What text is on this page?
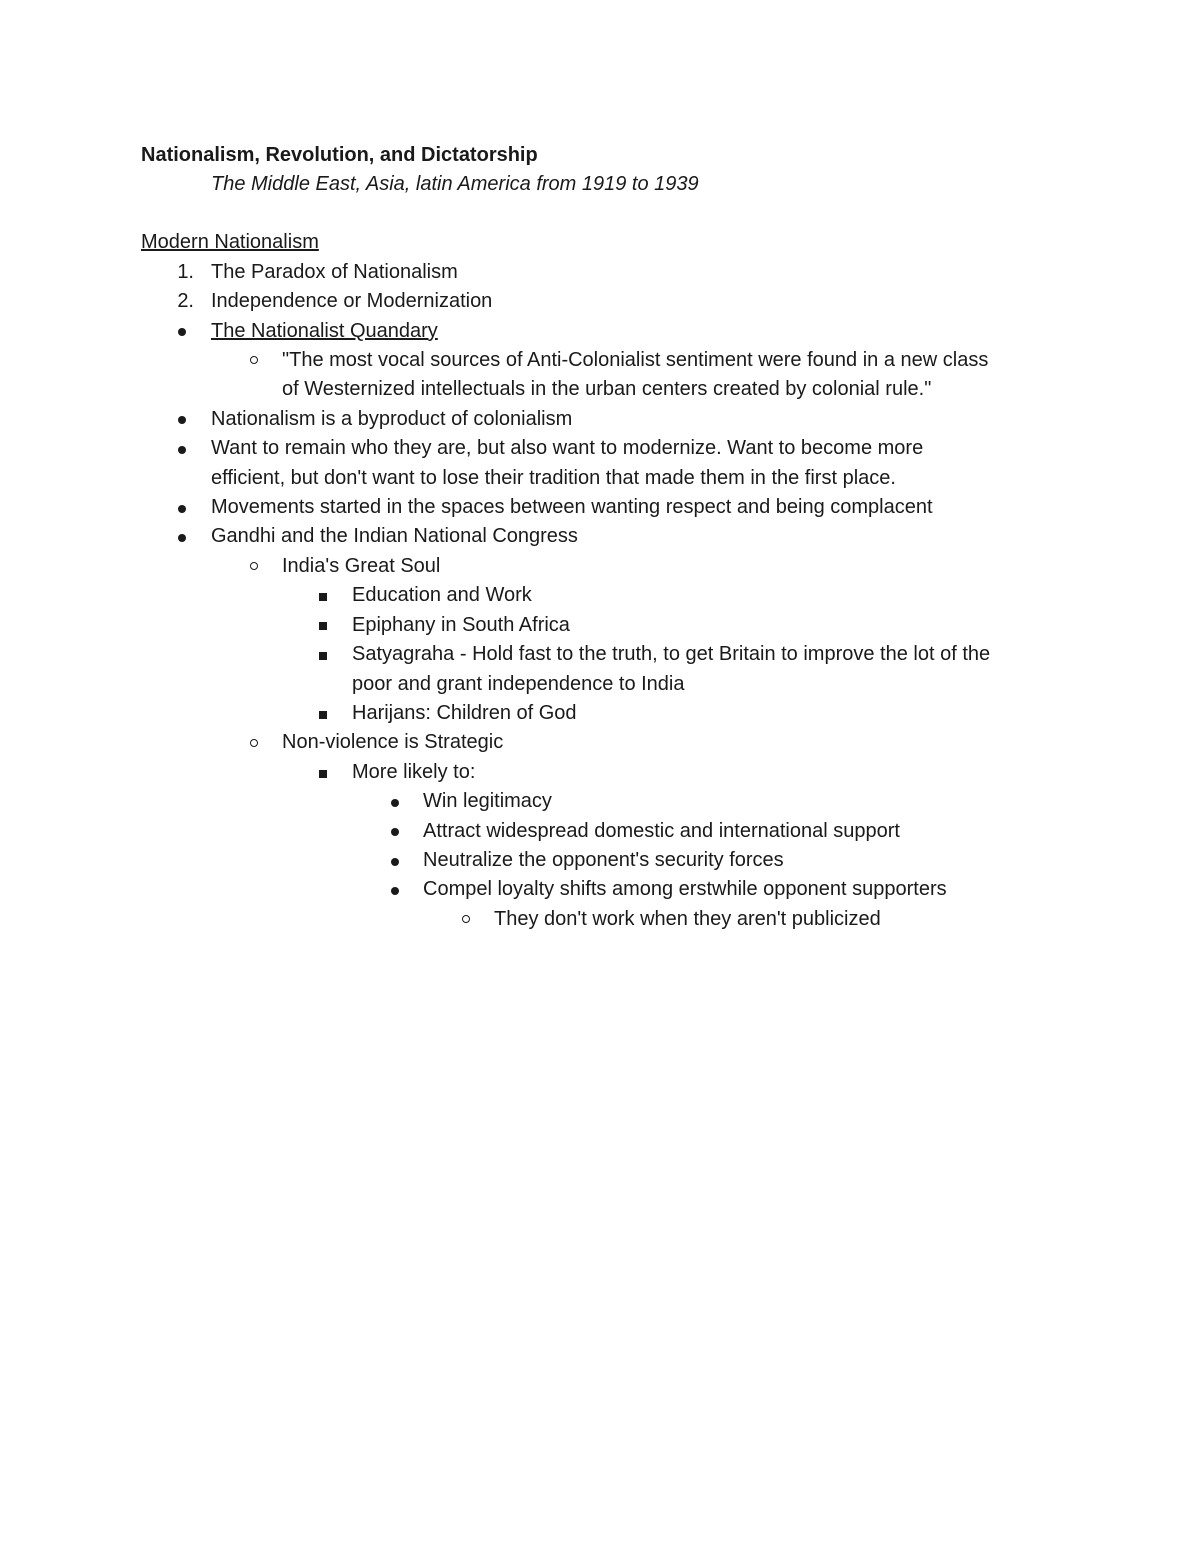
Nationalism, Revolution, and Dictatorship
The Middle East, Asia, latin America from 1919 to 1939
Modern Nationalism
1. The Paradox of Nationalism
2. Independence or Modernization
The Nationalist Quandary
"The most vocal sources of Anti-Colonialist sentiment were found in a new class
of Westernized intellectuals in the urban centers created by colonial rule."
Nationalism is a byproduct of colonialism
Want to remain who they are, but also want to modernize. Want to become more
efficient, but don't want to lose their tradition that made them in the first place.
Movements started in the spaces between wanting respect and being complacent
Gandhi and the Indian National Congress
India's Great Soul
Education and Work
Epiphany in South Africa
Satyagraha - Hold fast to the truth, to get Britain to improve the lot of the
poor and grant independence to India
Harijans: Children of God
Non-violence is Strategic
More likely to:
Win legitimacy
Attract widespread domestic and international support
Neutralize the opponent's security forces
Compel loyalty shifts among erstwhile opponent supporters
They don't work when they aren't publicized
